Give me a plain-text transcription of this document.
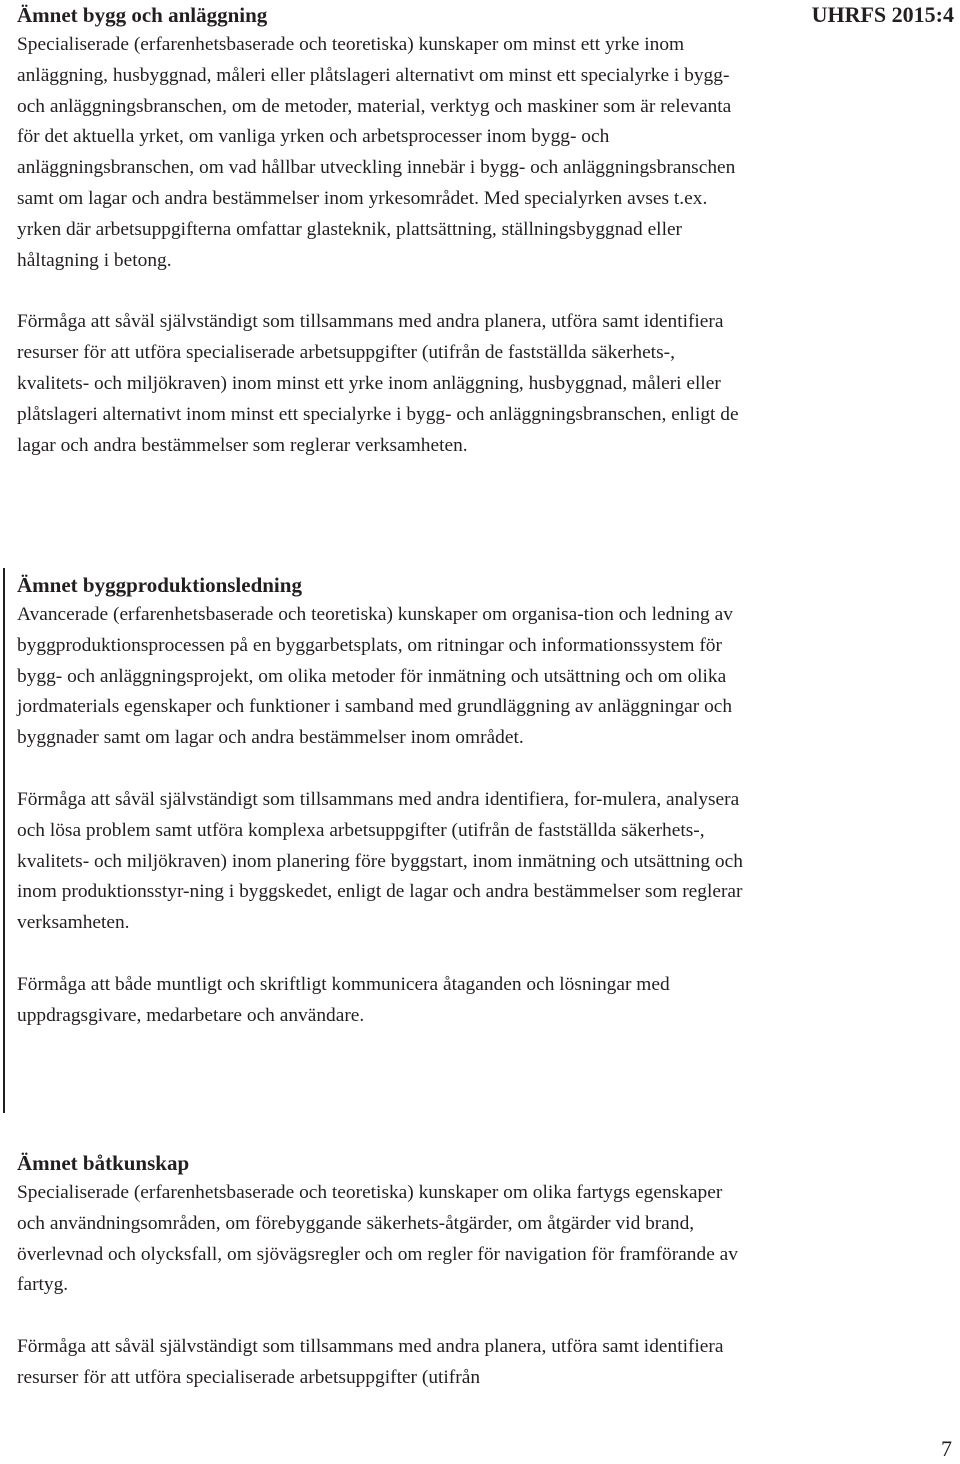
UHRFS 2015:4
Ämnet bygg och anläggning

Specialiserade (erfarenhetsbaserade och teoretiska) kunskaper om minst ett yrke inom anläggning, husbyggnad, måleri eller plåtslageri alternativt om minst ett specialyrke i bygg- och anläggningsbranschen, om de metoder, material, verktyg och maskiner som är relevanta för det aktuella yrket, om vanliga yrken och arbetsprocesser inom bygg- och anläggningsbranschen, om vad hållbar utveckling innebär i bygg- och anläggningsbranschen samt om lagar och andra bestämmelser inom yrkesområdet. Med specialyrken avses t.ex. yrken där arbetsuppgifterna omfattar glasteknik, plattsättning, ställningsbyggnad eller håltagning i betong.

Förmåga att såväl självständigt som tillsammans med andra planera, utföra samt identifiera resurser för att utföra specialiserade arbetsuppgifter (utifrån de fastställda säkerhets-, kvalitets- och miljökraven) inom minst ett yrke inom anläggning, husbyggnad, måleri eller plåtslageri alternativt inom minst ett specialyrke i bygg- och anläggningsbranschen, enligt de lagar och andra bestämmelser som reglerar verksamheten.

Ämnet byggproduktionsledning

Avancerade (erfarenhetsbaserade och teoretiska) kunskaper om organisa-tion och ledning av byggproduktionsprocessen på en byggarbetsplats, om ritningar och informationssystem för bygg- och anläggningsprojekt, om olika metoder för inmätning och utsättning och om olika jordmaterials egenskaper och funktioner i samband med grundläggning av anläggningar och byggnader samt om lagar och andra bestämmelser inom området.

Förmåga att såväl självständigt som tillsammans med andra identifiera, for-mulera, analysera och lösa problem samt utföra komplexa arbetsuppgifter (utifrån de fastställda säkerhets-, kvalitets- och miljökraven) inom planering före byggstart, inom inmätning och utsättning och inom produktionsstyr-ning i byggskedet, enligt de lagar och andra bestämmelser som reglerar verksamheten.

Förmåga att både muntligt och skriftligt kommunicera åtaganden och lösningar med uppdragsgivare, medarbetare och användare.

Ämnet båtkunskap

Specialiserade (erfarenhetsbaserade och teoretiska) kunskaper om olika fartygs egenskaper och användningsområden, om förebyggande säkerhets-åtgärder, om åtgärder vid brand, överlevnad och olycksfall, om sjövägsregler och om regler för navigation för framförande av fartyg.

Förmåga att såväl självständigt som tillsammans med andra planera, utföra samt identifiera resurser för att utföra specialiserade arbetsuppgifter (utifrån

7
